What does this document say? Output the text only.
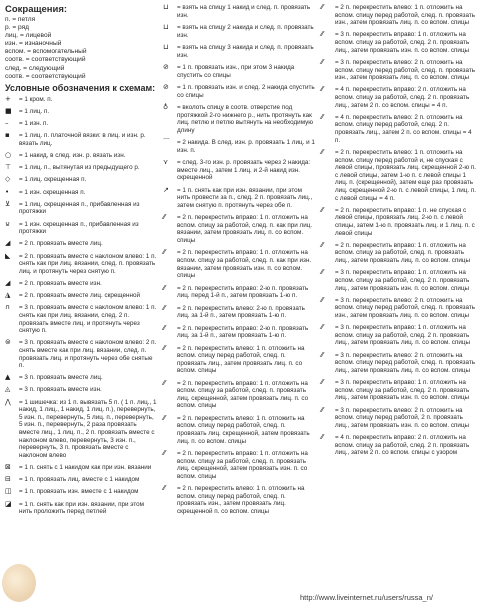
Сокращения:
п. = петля
р. = ряд
лиц. = лицевой
изн. = изнаночный
вспом. = вспомогательный
соотв. = соответствующий
след. = следующий
соотв. = соответствующий
Условные обозначения к схемам:
+	= 1 кром. п.
■	= 1 лиц. п.
–	= 1 изн. п.
▪	= 1 лиц. п. платочной вязки: в лиц. и изн. р. вязать лиц.
○	= 1 накид, в след. изн. р. вязать изн.
⊤	= 1 лиц. п., вытянутая из предыдущего р.
◇	= 1 лиц. скрещенная п.
•	= 1 изн. скрещенная п.
⊻	= 1 лиц. скрещенная п., прибавленная из протяжки
⊍	= 1 изн. скрещенная п., прибавленная из протяжки
◢	= 2 п. провязать вместе лиц.
◣	= 2 п. провязать вместе с наклоном влево: 1 п. снять как при лиц. вязании, след. п. провязать лиц. и протянуть через снятую п.
◢	= 2 п. провязать вместе изн.
◮	= 2 п. провязать вместе лиц. скрещенной
∩	= 3 п. провязать вместе с наклоном влево: 1 п. снять как при лиц. вязании, след. 2 п. провязать вместе лиц. и протянуть через снятую п.
⊜	= 3 п. провязать вместе с наклоном влево: 2 п. снять вместе как при лиц. вязании, след. п. провязать лиц. и протянуть через обе снятые п.
▲	= 3 п. провязать вместе лиц.
◬	= 3 п. провязать вместе изн.
⋀	= 1 шишечка: из 1 п. вывязать 5 п. ( 1 п. лиц., 1 накид, 1 лиц., 1 накид, 1 лиц. п.), перевернуть, 5 изн. п., перевернуть, 5 лиц. п., перевернуть, 5 изн. п., перевернуть, 2 раза провязать вместе лиц., 1 лиц. п., 2 п. провязать вместе с наклоном влево, перевернуть, 3 изн. п., перевернуть, 3 п. провязать вместе с наклоном влево
⊠	= 1 п. снять с 1 накидом как при изн. вязании
⊟	= 1 п. провязать лиц. вместе с 1 накидом
◫	= 1 п. провязать изн. вместе с 1 накидом
◪	= 1 п. снять как при изн. вязании, при этом нить проложить перед петлей
⊔	= взять на спицу 1 накид и след. п. провязать изн.
⊔	= взять на спицу 2 накида и след. п. провязать изн.
⊔	= взять на спицу 3 накида и след. п. провязать изн.
⊘	= 1 п. провязать изн., при этом 3 накида спустить со спицы
⊘	= 1 п. провязать изн. и след. 2 накида спустить со спицы
♁	= вколоть спицу в соотв. отверстие под протяжкой 2-го нижнего р., нить протянуть как лиц. петлю и петлю вытянуть на необходимую длину
⌒	= 2 накида. В след. изн. р. провязать 1 лиц. и 1 изн. п.
⋎	= след. 3-го изн. р. провязать через 2 накида: вместе лиц., затем 1 лиц. и 2-й накид изн. скрещенной
↗	= 1 п. снять как при изн. вязании, при этом нить провести за п., след. 2 п. провязать лиц., затем снятую п. протянуть через обе п.
⁄⁄	= 2 п. перекрестить вправо: 1 п. отложить на вспом. спицу за работой, след. п. как при лиц. вязании, затем провязать лиц. п. со вспом. спицы
⁄⁄	= 2 п. перекрестить вправо: 1 п. отложить на вспом. спицу за работой, след. п. как при изн. вязании, затем провязать изн. п. со вспом. спицы
⁄⁄	= 2 п. перекрестить вправо: 2-ю п. провязать лиц. перед 1-й п., затем провязать 1-ю п.
⁄⁄	= 2 п. перекрестить влево: 2-ю п. провязать лиц. за 1-й п., затем провязать 1-ю п.
⁄⁄	= 2 п. перекрестить вправо: 2-ю п. провязать лиц. за 1-й п., затем провязать 1-ю п.
⁄⁄	= 2 п. перекрестить влево: 1 п. отложить на вспом. спицу перед работой, след. п. провязать лиц., затем провязать лиц. п. со вспом. спицы
⁄⁄	= 2 п. перекрестить вправо: 1 п. отложить на вспом. спицу за работой, след. п. провязать лиц. скрещенной, затем провязать лиц. п. со вспом. спицы
⁄⁄	= 2 п. перекрестить влево: 1 п. отложить на вспом. спицу перед работой, след. п. провязать лиц. скрещенной, затем провязать лиц. п. со вспом. спицы
⁄⁄	= 2 п. перекрестить вправо: 1 п. отложить на вспом. спицу за работой, след. п. провязать лиц. скрещенной, затем провязать изн. п. со вспом. спицы
⁄⁄	= 2 п. перекрестить влево: 1 п. отложить на вспом. спицу перед работой, след. п. провязать изн., затем провязать лиц. скрещенной п. со вспом. спицы
⁄⁄	= 2 п. перекрестить влево: 1 п. отложить на вспом. спицу перед работой, след. п. провязать изн., затем провязать лиц. п. со вспом. спицы
⁄⁄	= 3 п. перекрестить вправо: 1 п. отложить на вспом. спицу за работой, след. 2 п. провязать лиц., затем провязать изн. п. со вспом. спицы
⁄⁄	= 3 п. перекрестить влево: 2 п. отложить на вспом. спицу перед работой, след. п. провязать изн., затем провязать лиц. п. со вспом. спицы
⁄⁄	= 4 п. перекрестить вправо: 2 п. отложить на вспом. спицу за работой, след. 2 п. провязать лиц., затем 2 п. со вспом. спицы = 4 п.
⁄⁄	= 4 п. перекрестить влево: 2 п. отложить на вспом. спицу перед работой, след. 2 п. провязать лиц., затем 2 п. со вспом. спицы = 4 п.
⁄⁄	= 2 п. перекрестить влево: 1 п. отложить на вспом. спицу перед работой и, не спуская с левой спицы, провязать лиц. скрещенной 2-ю п. с левой спицы, затем 1-ю п. с левой спицы 1 лиц. п. (скрещенной), затем еще раз провязать лиц. скрещенной 2-ю п. с левой спицы, 1 лиц. п. с левой спицы = 4 п.
⁄⁄	= 2 п. перекрестить вправо: 1 п. не спуская с левой спицы, провязать лиц. 2-ю п. с левой спицы, затем 1-ю п. провязать лиц. и 1 лиц. п. с левой спицы
⁄⁄	= 2 п. перекрестить вправо: 1 п. отложить на вспом. спицу за работой, след. п. провязать лиц., затем провязать лиц. п. со вспом. спицы
⁄⁄	= 3 п. перекрестить вправо: 1 п. отложить на вспом. спицу за работой, след. 2 п. провязать лиц., затем провязать изн. п. со вспом. спицы
⁄⁄	= 3 п. перекрестить влево: 2 п. отложить на вспом. спицу перед работой, след. п. провязать изн., затем провязать лиц. п. со вспом. спицы
⁄⁄	= 3 п. перекрестить вправо: 1 п. отложить на вспом. спицу за работой, след. 2 п. провязать лиц., затем провязать лиц. п. со вспом. спицы
⁄⁄	= 3 п. перекрестить влево: 2 п. отложить на вспом. спицу перед работой, след. п. провязать лиц., затем провязать лиц. п. со вспом. спицы
⁄⁄	= 3 п. перекрестить вправо: 1 п. отложить на вспом. спицу за работой, след. 2 п. провязать лиц., затем провязать изн. п. со вспом. спицы
⁄⁄	= 3 п. перекрестить влево: 2 п. отложить на вспом. спицу перед работой, 2 п. провязать лиц., затем провязать изн. п. со вспом. спицы
⁄⁄	= 4 п. перекрестить вправо: 2 п. отложить на вспом. спицу за работой, след. 2 п. провязать лиц., затем 2 п. со вспом. спицы с узором
http://www.liveinternet.ru/users/russa_n/
